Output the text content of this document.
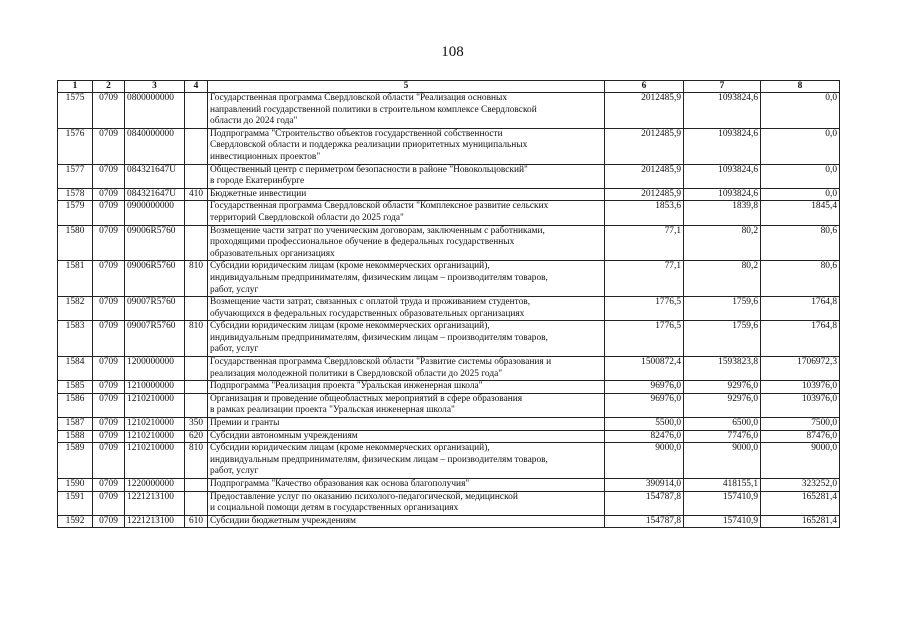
108
1	2	3	4	5	6	7	8
1575	0709	0800000000		Государственная программа Свердловской области "Реализация основных
направлений государственной политики в строительном комплексе Свердловской
области до 2024 года"	2012485,9	1093824,6	0,0
1576	0709	0840000000		Подпрограмма "Строительство объектов государственной собственности
Свердловской области и поддержка реализации приоритетных муниципальных
инвестиционных проектов"	2012485,9	1093824,6	0,0
1577	0709	084321647U		Общественный центр с периметром безопасности в районе "Новокольцовский"
в городе Екатеринбурге	2012485,9	1093824,6	0,0
1578	0709	084321647U	410	Бюджетные инвестиции	2012485,9	1093824,6	0,0
1579	0709	0900000000		Государственная программа Свердловской области "Комплексное развитие сельских
территорий Свердловской области до 2025 года"	1853,6	1839,8	1845,4
1580	0709	09006R5760		Возмещение части затрат по ученическим договорам, заключенным с работниками,
проходящими профессиональное обучение в федеральных государственных
образовательных организациях	77,1	80,2	80,6
1581	0709	09006R5760	810	Субсидии юридическим лицам (кроме некоммерческих организаций),
индивидуальным предпринимателям, физическим лицам – производителям товаров,
работ, услуг	77,1	80,2	80,6
1582	0709	09007R5760		Возмещение части затрат, связанных с оплатой труда и проживанием студентов,
обучающихся в федеральных государственных образовательных организациях	1776,5	1759,6	1764,8
1583	0709	09007R5760	810	Субсидии юридическим лицам (кроме некоммерческих организаций),
индивидуальным предпринимателям, физическим лицам – производителям товаров,
работ, услуг	1776,5	1759,6	1764,8
1584	0709	1200000000		Государственная программа Свердловской области "Развитие системы образования и
реализация молодежной политики в Свердловской области до 2025 года"	1500872,4	1593823,8	1706972,3
1585	0709	1210000000		Подпрограмма "Реализация проекта "Уральская инженерная школа"	96976,0	92976,0	103976,0
1586	0709	1210210000		Организация и проведение общеобластных мероприятий в сфере образования
в рамках реализации проекта "Уральская инженерная школа"	96976,0	92976,0	103976,0
1587	0709	1210210000	350	Премии и гранты	5500,0	6500,0	7500,0
1588	0709	1210210000	620	Субсидии автономным учреждениям	82476,0	77476,0	87476,0
1589	0709	1210210000	810	Субсидии юридическим лицам (кроме некоммерческих организаций),
индивидуальным предпринимателям, физическим лицам – производителям товаров,
работ, услуг	9000,0	9000,0	9000,0
1590	0709	1220000000		Подпрограмма "Качество образования как основа благополучия"	390914,0	418155,1	323252,0
1591	0709	1221213100		Предоставление услуг по оказанию психолого-педагогической, медицинской
и социальной помощи детям в государственных организациях	154787,8	157410,9	165281,4
1592	0709	1221213100	610	Субсидии бюджетным учреждениям	154787,8	157410,9	165281,4
